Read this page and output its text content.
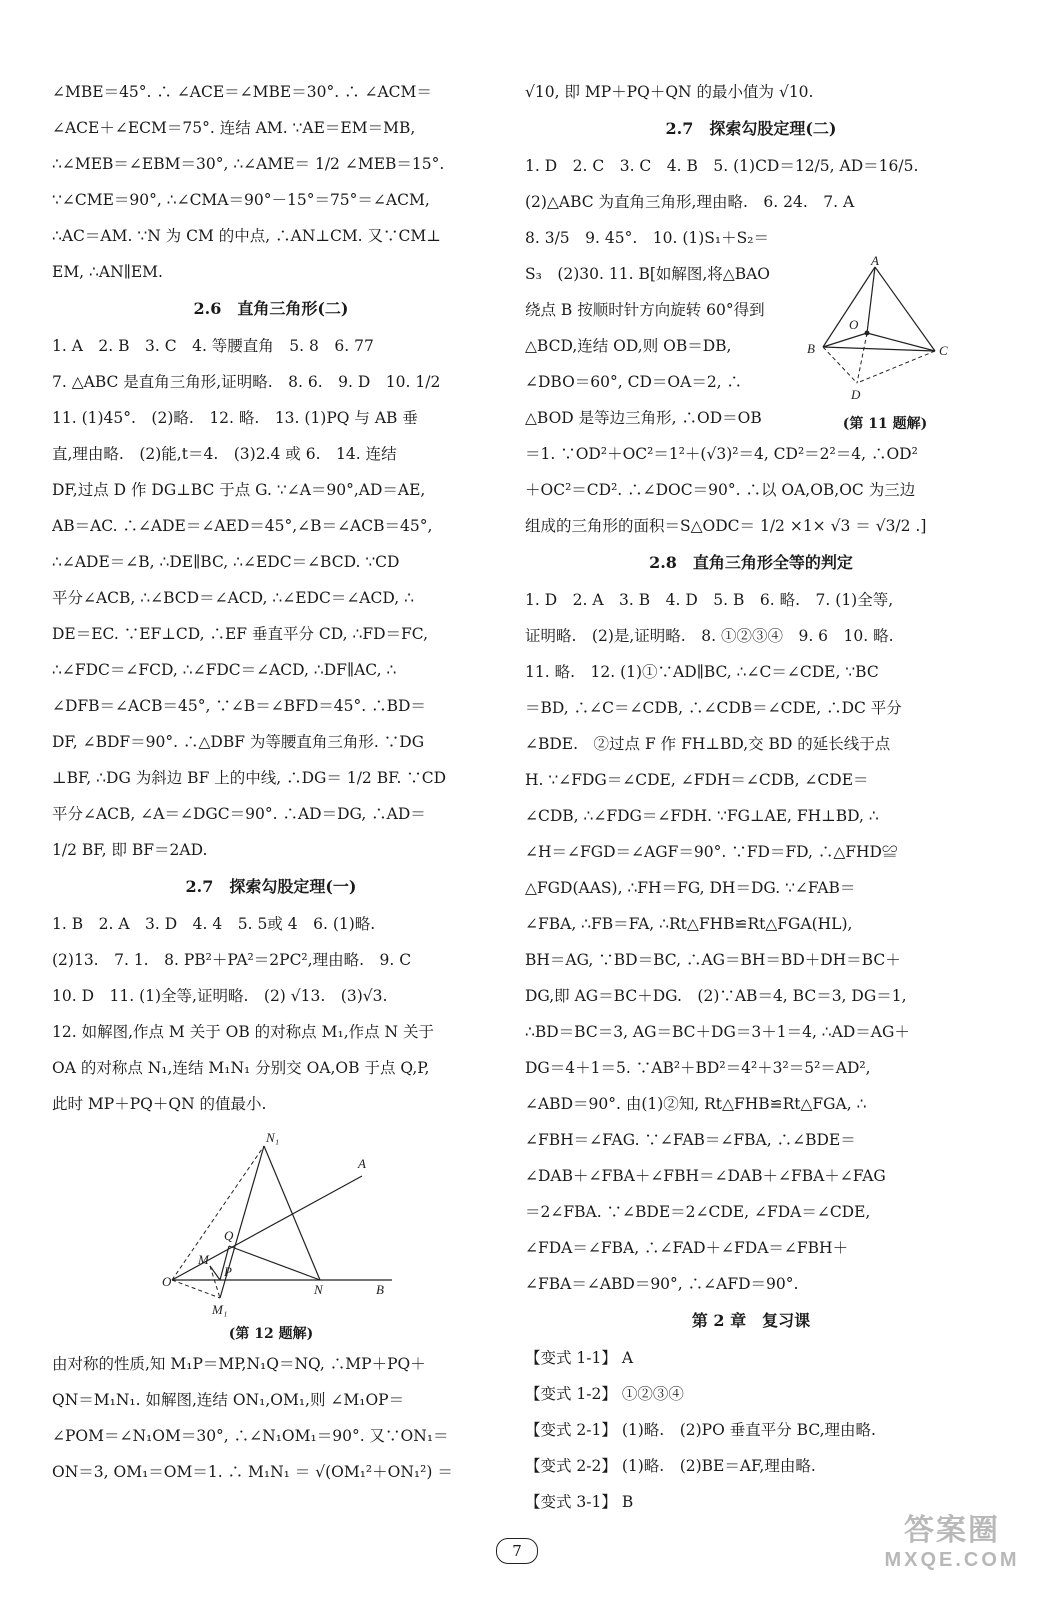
∠MBE＝45°. ∴ ∠ACE＝∠MBE＝30°. ∴ ∠ACM＝
∠ACE＋∠ECM＝75°. 连结 AM. ∵AE＝EM＝MB,
∴∠MEB＝∠EBM＝30°, ∴∠AME＝ 1/2 ∠MEB＝15°.
∵∠CME＝90°, ∴∠CMA＝90°－15°＝75°＝∠ACM,
∴AC＝AM. ∵N 为 CM 的中点, ∴AN⊥CM. 又∵CM⊥
EM, ∴AN∥EM.
2.6　直角三角形(二)
1. A　2. B　3. C　4. 等腰直角　5. 8　6. 77
7. △ABC 是直角三角形,证明略.　8. 6.　9. D　10. 1/2
11. (1)45°.　(2)略.　12. 略.　13. (1)PQ 与 AB 垂
直,理由略.　(2)能,t＝4.　(3)2.4 或 6.　14. 连结
DF,过点 D 作 DG⊥BC 于点 G. ∵∠A＝90°,AD＝AE,
AB＝AC. ∴∠ADE＝∠AED＝45°,∠B＝∠ACB＝45°,
∴∠ADE＝∠B, ∴DE∥BC, ∴∠EDC＝∠BCD. ∵CD
平分∠ACB, ∴∠BCD＝∠ACD, ∴∠EDC＝∠ACD, ∴
DE＝EC. ∵EF⊥CD, ∴EF 垂直平分 CD, ∴FD＝FC,
∴∠FDC＝∠FCD, ∴∠FDC＝∠ACD, ∴DF∥AC, ∴
∠DFB＝∠ACB＝45°, ∵∠B＝∠BFD＝45°. ∴BD＝
DF, ∠BDF＝90°. ∴△DBF 为等腰直角三角形. ∵DG
⊥BF, ∴DG 为斜边 BF 上的中线, ∴DG＝ 1/2 BF. ∵CD
平分∠ACB, ∠A＝∠DGC＝90°. ∴AD＝DG, ∴AD＝
1/2 BF, 即 BF＝2AD.
2.7　探索勾股定理(一)
1. B　2. A　3. D　4. 4　5. 5或 4　6. (1)略.
(2)13.　7. 1.　8. PB²＋PA²＝2PC²,理由略.　9. C
10. D　11. (1)全等,证明略.　(2) √13.　(3)√3.
12. 如解图,作点 M 关于 OB 的对称点 M₁,作点 N 关于
OA 的对称点 N₁,连结 M₁N₁ 分别交 OA,OB 于点 Q,P,
此时 MP＋PQ＋QN 的值最小.
N₁
A
Q
M
O
P
N	B
M₁
(第 12 题解)
由对称的性质,知 M₁P＝MP,N₁Q＝NQ, ∴MP＋PQ＋
QN＝M₁N₁. 如解图,连结 ON₁,OM₁,则 ∠M₁OP＝
∠POM＝∠N₁OM＝30°, ∴∠N₁OM₁＝90°. 又∵ON₁＝
ON＝3, OM₁＝OM＝1. ∴ M₁N₁ ＝ √(OM₁²＋ON₁²) ＝
√10, 即 MP＋PQ＋QN 的最小值为 √10.
2.7　探索勾股定理(二)
1. D　2. C　3. C　4. B　5. (1)CD＝12/5, AD＝16/5.
(2)△ABC 为直角三角形,理由略.　6. 24.　7. A
8. 3/5　9. 45°.　10. (1)S₁＋S₂＝
S₃　(2)30. 11. B[如解图,将△BAO
绕点 B 按顺时针方向旋转 60°得到
△BCD,连结 OD,则 OB＝DB,
∠DBO＝60°, CD＝OA＝2, ∴
△BOD 是等边三角形, ∴OD＝OB
＝1. ∵OD²＋OC²＝1²＋(√3)²＝4, CD²＝2²＝4, ∴OD²
＋OC²＝CD². ∴∠DOC＝90°. ∴以 OA,OB,OC 为三边
组成的三角形的面积＝S△ODC＝ 1/2 ×1× √3 ＝ √3/2 .]
(第 11 题解)
2.8　直角三角形全等的判定
1. D　2. A　3. B　4. D　5. B　6. 略.　7. (1)全等,
证明略.　(2)是,证明略.　8. ①②③④　9. 6　10. 略.
11. 略.　12. (1)①∵AD∥BC, ∴∠C＝∠CDE, ∵BC
＝BD, ∴∠C＝∠CDB, ∴∠CDB＝∠CDE, ∴DC 平分
∠BDE.　②过点 F 作 FH⊥BD,交 BD 的延长线于点
H. ∵∠FDG＝∠CDE, ∠FDH＝∠CDB, ∠CDE＝
∠CDB, ∴∠FDG＝∠FDH. ∵FG⊥AE, FH⊥BD, ∴
∠H＝∠FGD＝∠AGF＝90°. ∵FD＝FD, ∴△FHD≌
△FGD(AAS), ∴FH＝FG, DH＝DG. ∵∠FAB＝
∠FBA, ∴FB＝FA, ∴Rt△FHB≌Rt△FGA(HL),
BH＝AG, ∵BD＝BC, ∴AG＝BH＝BD＋DH＝BC＋
DG,即 AG＝BC＋DG.　(2)∵AB＝4, BC＝3, DG＝1,
∴BD＝BC＝3, AG＝BC＋DG＝3＋1＝4, ∴AD＝AG＋
DG＝4＋1＝5. ∵AB²＋BD²＝4²＋3²＝5²＝AD²,
∠ABD＝90°. 由(1)②知, Rt△FHB≌Rt△FGA, ∴
∠FBH＝∠FAG. ∵∠FAB＝∠FBA, ∴∠BDE＝
∠DAB＋∠FBA＋∠FBH＝∠DAB＋∠FBA＋∠FAG
＝2∠FBA. ∵∠BDE＝2∠CDE, ∠FDA＝∠CDE,
∠FDA＝∠FBA, ∴∠FAD＋∠FDA＝∠FBH＋
∠FBA＝∠ABD＝90°, ∴∠AFD＝90°.
第 2 章　复习课
【变式 1-1】 A
【变式 1-2】 ①②③④
【变式 2-1】 (1)略.　(2)PO 垂直平分 BC,理由略.
【变式 2-2】 (1)略.　(2)BE＝AF,理由略.
【变式 3-1】 B
A
O
B	C
D
7
答案圈
MXQE.COM
